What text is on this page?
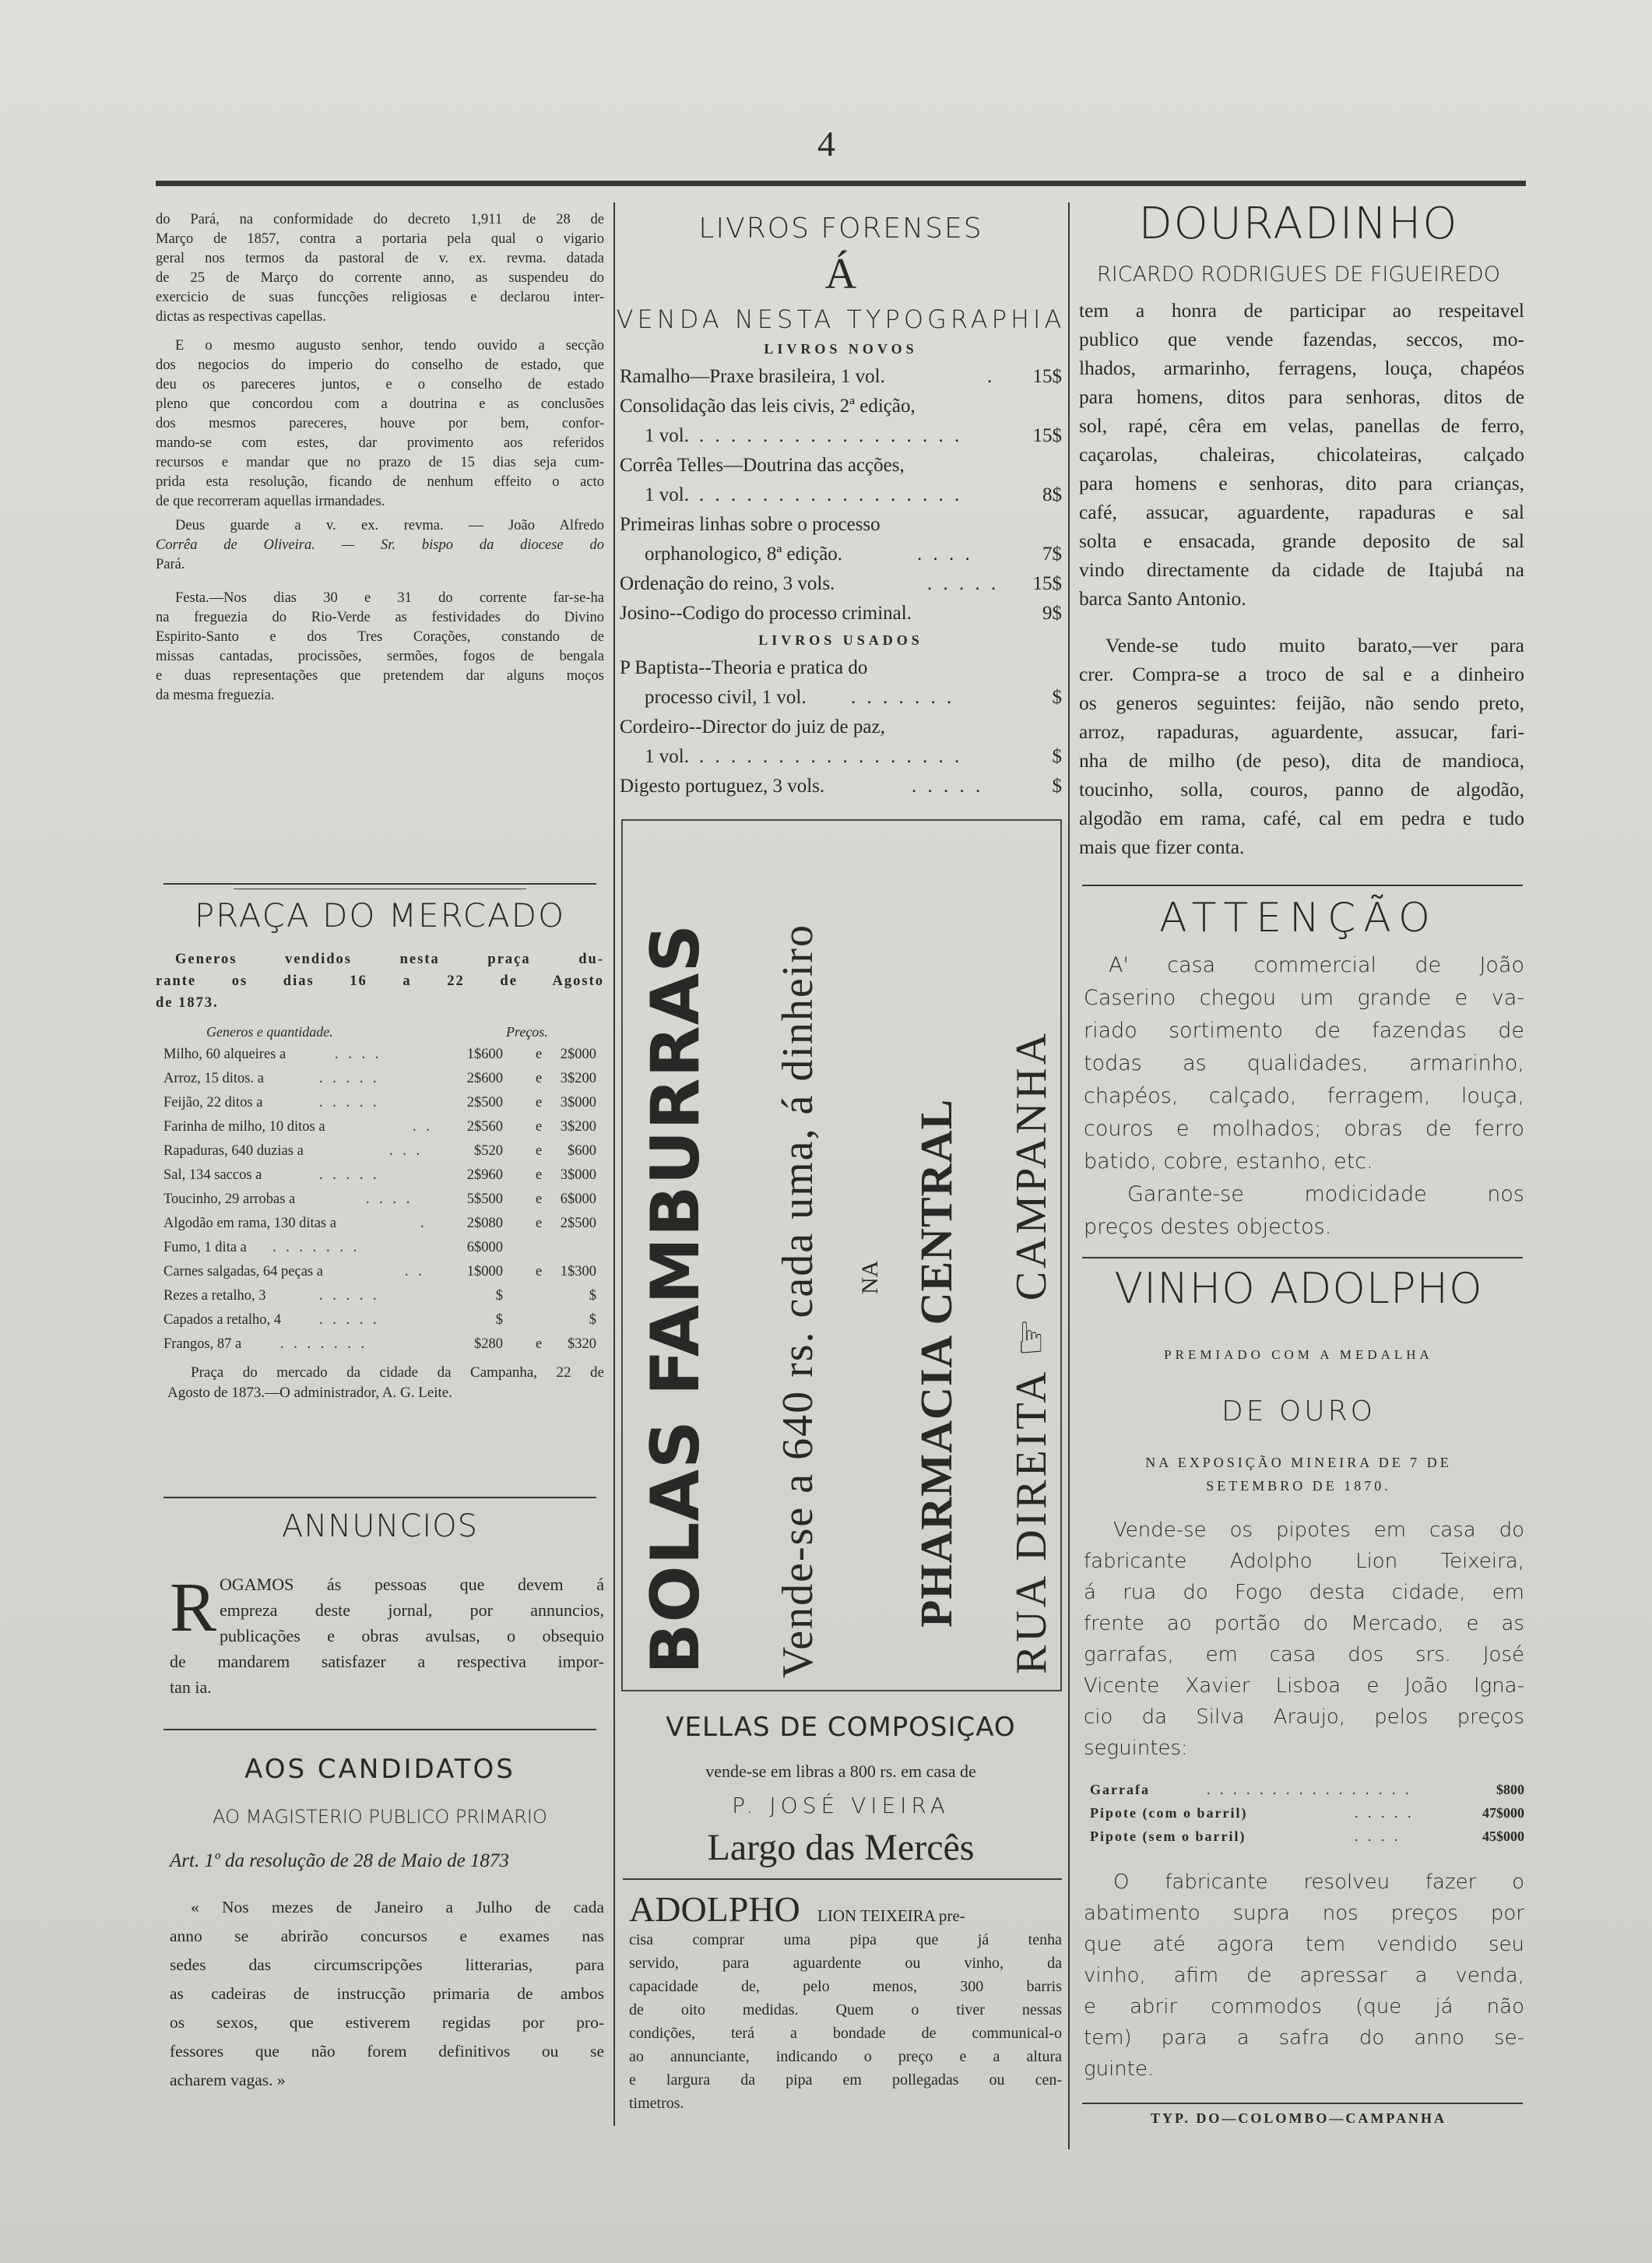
4
do Pará, na conformidade do decreto 1,911 de 28 de
Março de 1857, contra a portaria pela qual o vigario
geral nos termos da pastoral de v. ex. revma. datada
de 25 de Março do corrente anno, as suspendeu do
exercicio de suas funcções religiosas e declarou inter-
dictas as respectivas capellas.
E o mesmo augusto senhor, tendo ouvido a secção
dos negocios do imperio do conselho de estado, que
deu os pareceres juntos, e o conselho de estado
pleno que concordou com a doutrina e as conclusões
dos mesmos pareceres, houve por bem, confor-
mando-se com estes, dar provimento aos referidos
recursos e mandar que no prazo de 15 dias seja cum-
prida esta resolução, ficando de nenhum effeito o acto
de que recorreram aquellas irmandades.
Deus guarde a v. ex. revma. — João Alfredo
Corrêa de Oliveira. — Sr. bispo da diocese do
Pará.
Festa.—Nos dias 30 e 31 do corrente far-se-ha
na freguezia do Rio-Verde as festividades do Divino
Espirito-Santo e dos Tres Corações, constando de
missas cantadas, procissões, sermões, fogos de bengala
e duas representações que pretendem dar alguns moços
da mesma freguezia.
PRAÇA DO MERCADO
Generos vendidos nesta praça du-
rante os dias 16 a 22 de Agosto
de 1873.
Generos e quantidade.	Preços.
Milho, 60 alqueires a	. . . .	1$600 e	2$000
Arroz, 15 ditos. a	. . . . .	2$600 e	3$200
Feijão, 22 ditos a	. . . . .	2$500 e	3$000
Farinha de milho, 10 ditos a	. .	2$560 e	3$200
Rapaduras, 640 duzias a	. . .	$520 e	$600
Sal, 134 saccos a	. . . . .	2$960 e	3$000
Toucinho, 29 arrobas a	. . . .	5$500 e	6$000
Algodão em rama, 130 ditas a	.	2$080 e	2$500
Fumo, 1 dita a . . . . . . .	6$000
Carnes salgadas, 64 peças a	. .	1$000 e	1$300
Rezes a retalho, 3	. . . . .	$	$
Capados a retalho, 4	. . . . .	$	$
Frangos, 87 a	. . . . . . .	$280 e	$320
Praça do mercado da cidade da Campanha, 22 de
Agosto de 1873.—O administrador, A. G. Leite.
ANNUNCIOS
R OGAMOS ás pessoas que devem á
empreza deste jornal, por annuncios,
publicações e obras avulsas, o obsequio
de mandarem satisfazer a respectiva impor-
tan ia.
AOS CANDIDATOS
AO MAGISTERIO PUBLICO PRIMARIO
Art. 1º da resolução de 28 de Maio de 1873
« Nos mezes de Janeiro a Julho de cada
anno se abrirão concursos e exames nas
sedes das circumscripções litterarias, para
as cadeiras de instrucção primaria de ambos
os sexos, que estiverem regidas por pro-
fessores que não forem definitivos ou se
acharem vagas. »
LIVROS FORENSES
Á
VENDA NESTA TYPOGRAPHIA
LIVROS NOVOS
Ramalho—Praxe brasileira, 1 vol.	.	15$
Consolidação das leis civis, 2ª edição,
1 vol. . . . . . . . . . . . . . . . . .	15$
Corrêa Telles—Doutrina das acções,
1 vol. . . . . . . . . . . . . . . . . .	8$
Primeiras linhas sobre o processo
orphanologico, 8ª edição.	. . . .	7$
Ordenação do reino, 3 vols.	. . . . .	15$
Josino--Codigo do processo criminal.	9$
LIVROS USADOS
P Baptista--Theoria e pratica do
processo civil, 1 vol. . . . . . . .	$
Cordeiro--Director do juiz de paz,
1 vol. . . . . . . . . . . . . . . . . .	$
Digesto portuguez, 3 vols.	. . . . .	$
BOLAS FAMBURRAS Vende-se a 640 rs. cada uma, á dinheiro NA PHARMACIA CENTRAL RUA DIREITA ☞ CAMPANHA
VELLAS DE COMPOSIÇAO
vende-se em libras a 800 rs. em casa de
P. JOSÉ VIEIRA
Largo das Mercês
ADOLPHO LION TEIXEIRA pre-
cisa comprar uma pipa que já tenha
servido, para aguardente ou vinho, da
capacidade de, pelo menos, 300 barris
de oito medidas. Quem o tiver nessas
condições, terá a bondade de communical-o
ao annunciante, indicando o preço e a altura
e largura da pipa em pollegadas ou cen-
timetros.
DOURADINHO
RICARDO RODRIGUES DE FIGUEIREDO
tem a honra de participar ao respeitavel
publico que vende fazendas, seccos, mo-
lhados, armarinho, ferragens, louça, chapéos
para homens, ditos para senhoras, ditos de
sol, rapé, cêra em velas, panellas de ferro,
caçarolas, chaleiras, chicolateiras, calçado
para homens e senhoras, dito para crianças,
café, assucar, aguardente, rapaduras e sal
solta e ensacada, grande deposito de sal
vindo directamente da cidade de Itajubá na
barca Santo Antonio.
Vende-se tudo muito barato,—ver para
crer. Compra-se a troco de sal e a dinheiro
os generos seguintes: feijão, não sendo preto,
arroz, rapaduras, aguardente, assucar, fari-
nha de milho (de peso), dita de mandioca,
toucinho, solla, couros, panno de algodão,
algodão em rama, café, cal em pedra e tudo
mais que fizer conta.
ATTENÇÃO
A' casa commercial de João
Caserino chegou um grande e va-
riado sortimento de fazendas de
todas as qualidades, armarinho,
chapéos, calçado, ferragem, louça,
couros e molhados; obras de ferro
batido, cobre, estanho, etc.
Garante-se modicidade nos
preços destes objectos.
VINHO ADOLPHO
PREMIADO COM A MEDALHA
DE OURO
NA EXPOSIÇÃO MINEIRA DE 7 DE
SETEMBRO DE 1870.
Vende-se os pipotes em casa do
fabricante Adolpho Lion Teixeira,
á rua do Fogo desta cidade, em
frente ao portão do Mercado, e as
garrafas, em casa dos srs. José
Vicente Xavier Lisboa e João Igna-
cio da Silva Araujo, pelos preços
seguintes:
Garrafa	. . . . . . . . . . . . . . . .	$800
Pipote (com o barril)	. . . . .	47$000
Pipote (sem o barril)	. . . .	45$000
O fabricante resolveu fazer o
abatimento supra nos preços por
que até agora tem vendido seu
vinho, afim de apressar a venda,
e abrir commodos (que já não
tem) para a safra do anno se-
guinte.
TYP. DO—COLOMBO—CAMPANHA
